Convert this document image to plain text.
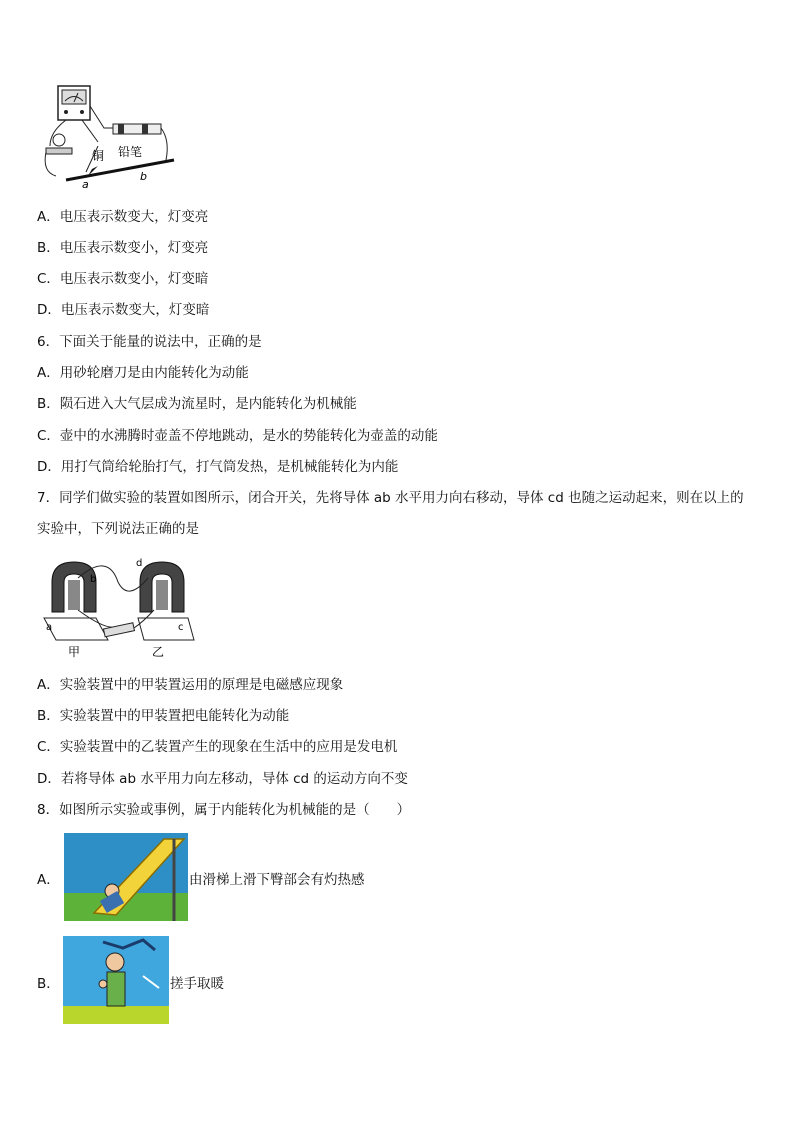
铜 铅笔
a
b
A．电压表示数变大，灯变亮
B．电压表示数变小，灯变亮
C．电压表示数变小，灯变暗
D．电压表示数变大，灯变暗
6．下面关于能量的说法中，正确的是
A．用砂轮磨刀是由内能转化为动能
B．陨石进入大气层成为流星时，是内能转化为机械能
C．壶中的水沸腾时壶盖不停地跳动，是水的势能转化为壶盖的动能
D．用打气筒给轮胎打气，打气筒发热，是机械能转化为内能
7．同学们做实验的装置如图所示，闭合开关，先将导体 ab 水平用力向右移动，导体 cd 也随之运动起来，则在以上的
实验中，下列说法正确的是
b
a
d
c
甲	乙
A．实验装置中的甲装置运用的原理是电磁感应现象
B．实验装置中的甲装置把电能转化为动能
C．实验装置中的乙装置产生的现象在生活中的应用是发电机
D．若将导体 ab 水平用力向左移动，导体 cd 的运动方向不变
8．如图所示实验或事例，属于内能转化为机械能的是（　　）
A．	由滑梯上滑下臀部会有灼热感
B．	搓手取暖
